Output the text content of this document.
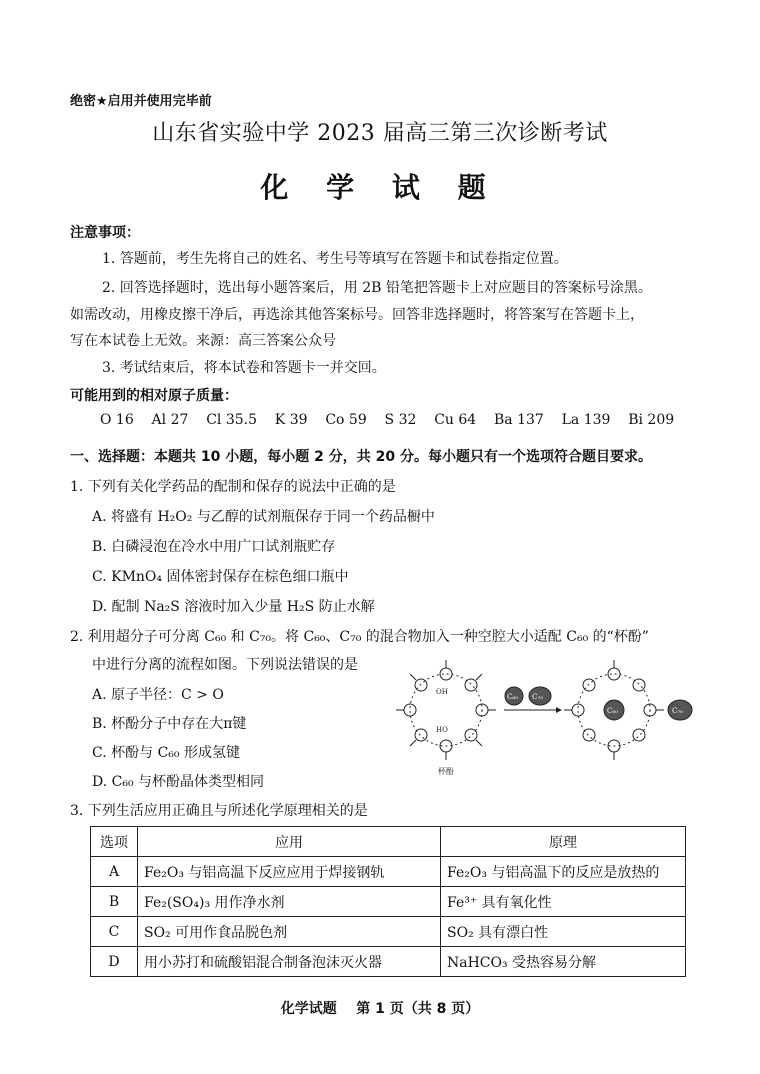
绝密★启用并使用完毕前
山东省实验中学 2023 届高三第三次诊断考试
化 学 试 题
注意事项：
1. 答题前，考生先将自己的姓名、考生号等填写在答题卡和试卷指定位置。
2. 回答选择题时，选出每小题答案后，用 2B 铅笔把答题卡上对应题目的答案标号涂黑。
如需改动，用橡皮擦干净后，再选涂其他答案标号。回答非选择题时，将答案写在答题卡上，
写在本试卷上无效。来源：高三答案公众号
3. 考试结束后，将本试卷和答题卡一并交回。
可能用到的相对原子质量：
O 16    Al 27    Cl 35.5    K 39    Co 59    S 32    Cu 64    Ba 137    La 139    Bi 209
一、选择题：本题共 10 小题，每小题 2 分，共 20 分。每小题只有一个选项符合题目要求。
1. 下列有关化学药品的配制和保存的说法中正确的是
A. 将盛有 H₂O₂ 与乙醇的试剂瓶保存于同一个药品橱中
B. 白磷浸泡在冷水中用广口试剂瓶贮存
C. KMnO₄ 固体密封保存在棕色细口瓶中
D. 配制 Na₂S 溶液时加入少量 H₂S 防止水解
2. 利用超分子可分离 C₆₀ 和 C₇₀。将 C₆₀、C₇₀ 的混合物加入一种空腔大小适配 C₆₀ 的“杯酚”
中进行分离的流程如图。下列说法错误的是
A. 原子半径：C > O
B. 杯酚分子中存在大π键
C. 杯酚与 C₆₀ 形成氢键
D. C₆₀ 与杯酚晶体类型相同
OH
HO
杯酚
C₆₀ C₇₀
C₆₀	C₇₀
3. 下列生活应用正确且与所述化学原理相关的是
选项	应用	原理
A	Fe₂O₃ 与铝高温下反应应用于焊接钢轨	Fe₂O₃ 与铝高温下的反应是放热的
B	Fe₂(SO₄)₃ 用作净水剂	Fe³⁺ 具有氧化性
C	SO₂ 可用作食品脱色剂	SO₂ 具有漂白性
D	用小苏打和硫酸铝混合制备泡沫灭火器	NaHCO₃ 受热容易分解
化学试题    第 1 页（共 8 页）
